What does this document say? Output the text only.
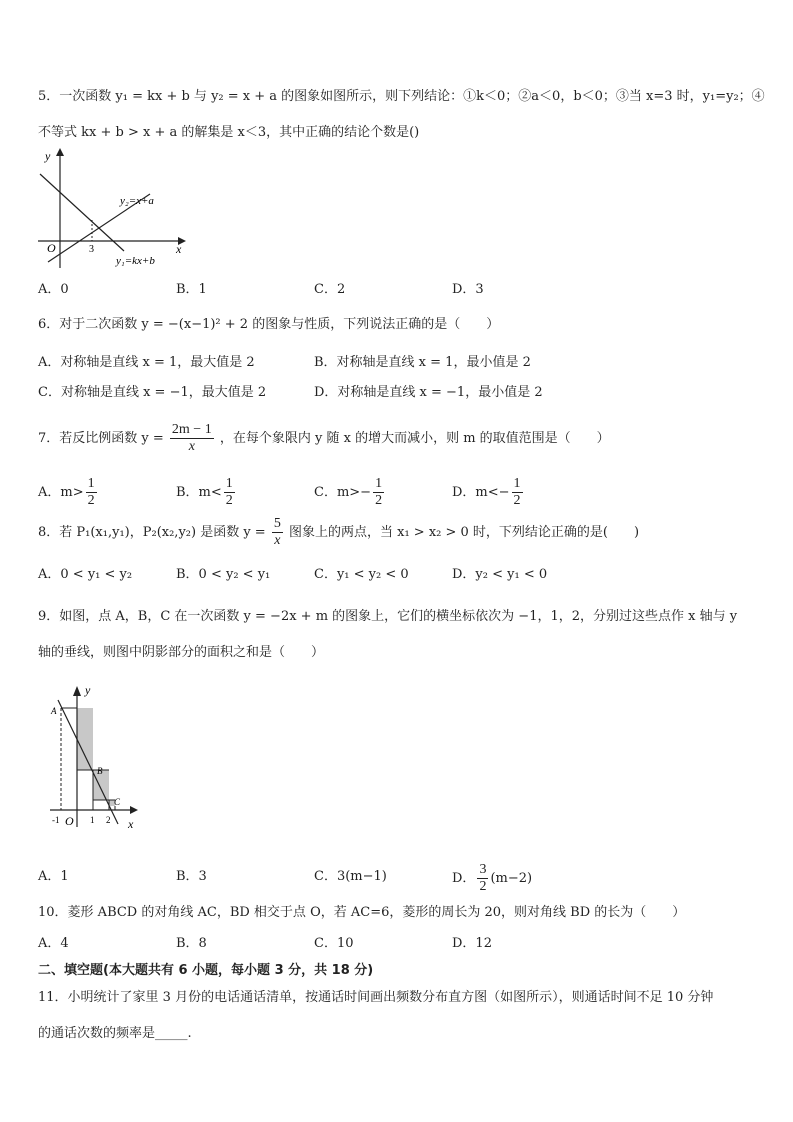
5．一次函数 y₁ = kx + b 与 y₂ = x + a 的图象如图所示，则下列结论：①k＜0；②a＜0，b＜0；③当 x=3 时，y₁=y₂；④
不等式 kx + b > x + a 的解集是 x＜3，其中正确的结论个数是()
y
x
O	3
y₂=x+a
y₁=kx+b
A．0	B．1	C．2	D．3
6．对于二次函数 y = −(x−1)² + 2 的图象与性质，下列说法正确的是（　　）
A．对称轴是直线 x = 1，最大值是 2	B．对称轴是直线 x = 1，最小值是 2
C．对称轴是直线 x = −1，最大值是 2	D．对称轴是直线 x = −1，最小值是 2
7．若反比例函数 $y = \frac{2m - 1}{x}$ ，在每个象限内 y 随 x 的增大而减小，则 m 的取值范围是（　　）
A．$m> \frac{1}{2}$	B．$m< \frac{1}{2}$	C．$m>- \frac{1}{2}$	D．$m<- \frac{1}{2}$
8．若 P₁(x₁,y₁)，P₂(x₂,y₂) 是函数 $y = \frac{5}{x}$ 图象上的两点，当 x₁ > x₂ > 0 时，下列结论正确的是(　　)
A．0 < y₁ < y₂	B．0 < y₂ < y₁	C．y₁ < y₂ < 0	D．y₂ < y₁ < 0
9．如图，点 A，B，C 在一次函数 y = −2x + m 的图象上，它们的横坐标依次为 −1，1，2，分别过这些点作 x 轴与 y
轴的垂线，则图中阴影部分的面积之和是（　　）
y
x
O
A
B
C
-1	1 2
A．1	B．3	C．3(m−1)	D． $\frac{3}{2} (m-2)$
10．菱形 ABCD 的对角线 AC，BD 相交于点 O，若 AC=6，菱形的周长为 20，则对角线 BD 的长为（　　）
A．4	B．8	C．10	D．12
二、填空题(本大题共有 6 小题，每小题 3 分，共 18 分)
11．小明统计了家里 3 月份的电话通话清单，按通话时间画出频数分布直方图（如图所示），则通话时间不足 10 分钟
的通话次数的频率是_____.
